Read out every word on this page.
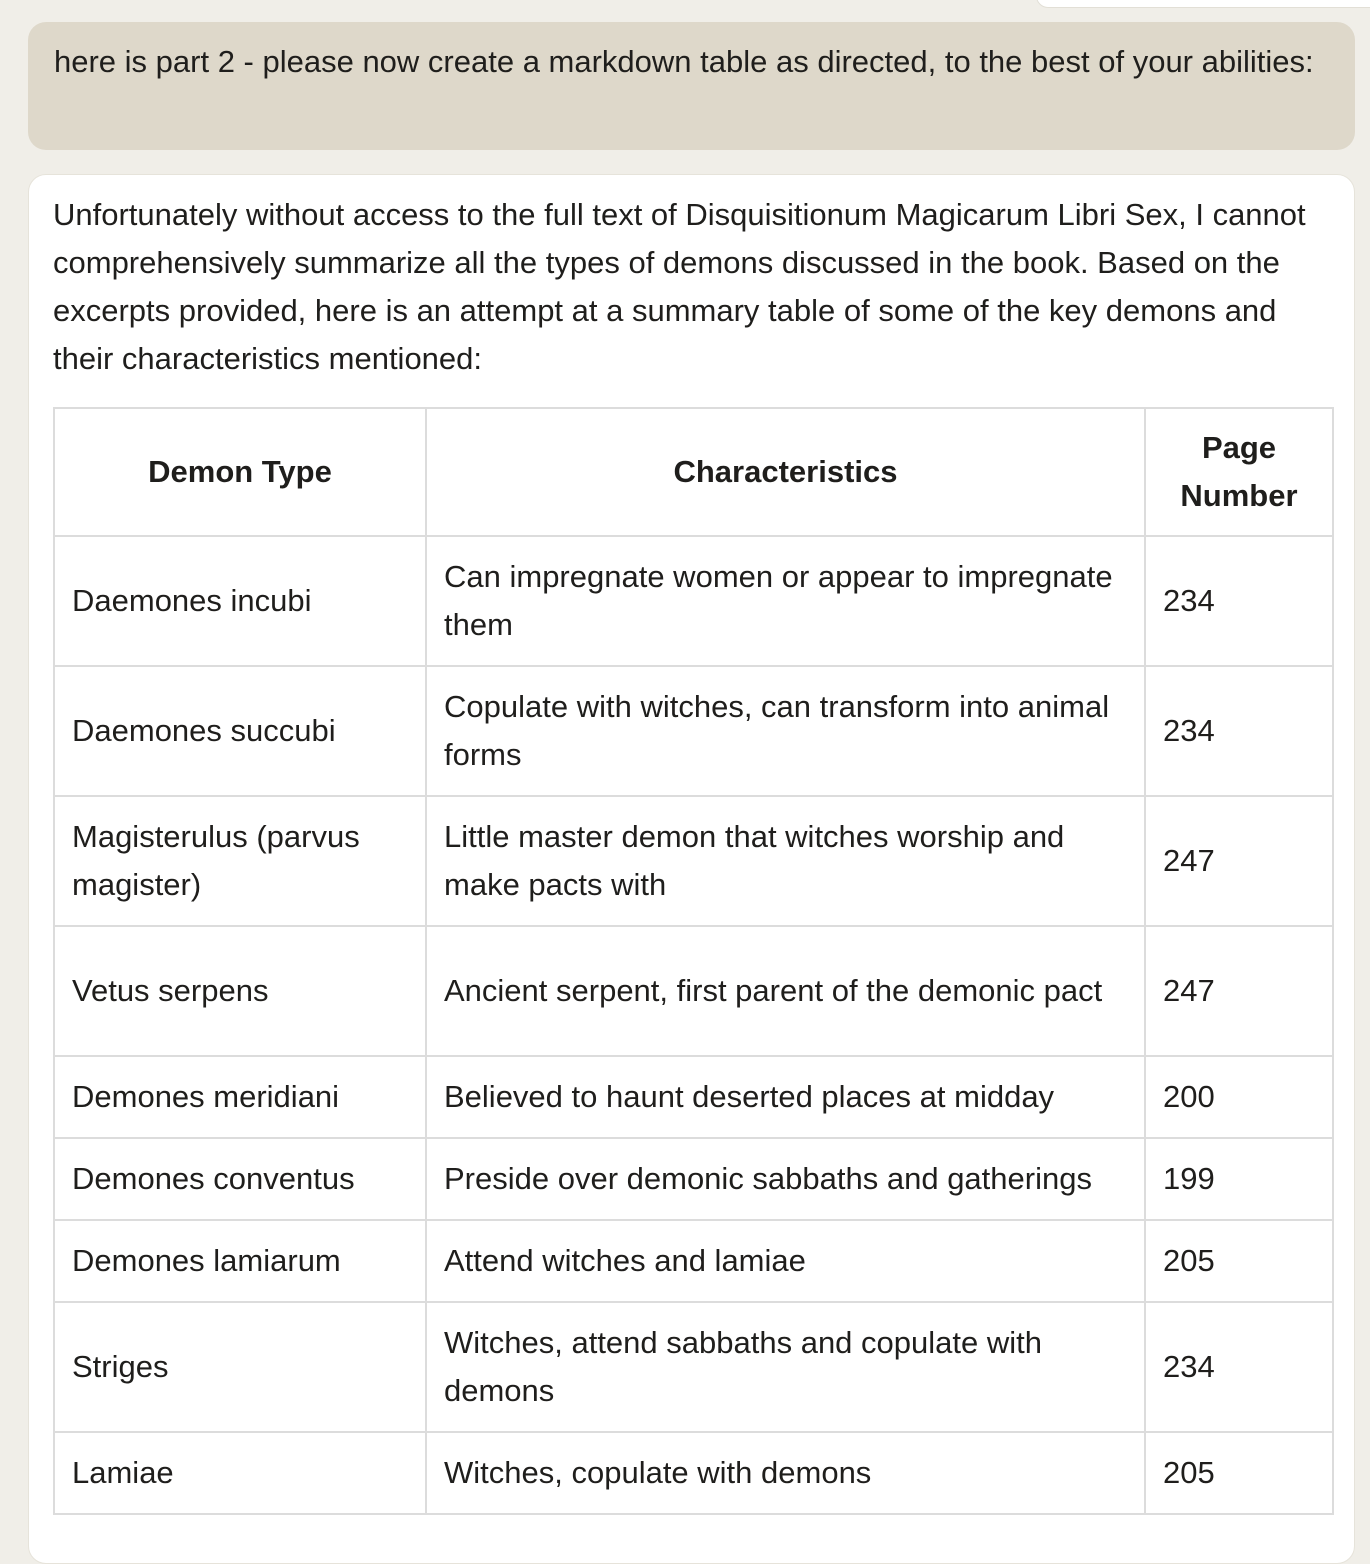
here is part 2 - please now create a markdown table as directed, to the best of your abilities:

Unfortunately without access to the full text of Disquisitionum Magicarum Libri Sex, I cannot comprehensively summarize all the types of demons discussed in the book. Based on the excerpts provided, here is an attempt at a summary table of some of the key demons and their characteristics mentioned:

Demon Type	Characteristics	Page Number
Daemones incubi	Can impregnate women or appear to impregnate them	234
Daemones succubi	Copulate with witches, can transform into animal forms	234
Magisterulus (parvus magister)	Little master demon that witches worship and make pacts with	247
Vetus serpens	Ancient serpent, first parent of the demonic pact	247
Demones meridiani	Believed to haunt deserted places at midday	200
Demones conventus	Preside over demonic sabbaths and gatherings	199
Demones lamiarum	Attend witches and lamiae	205
Striges	Witches, attend sabbaths and copulate with demons	234
Lamiae	Witches, copulate with demons	205
